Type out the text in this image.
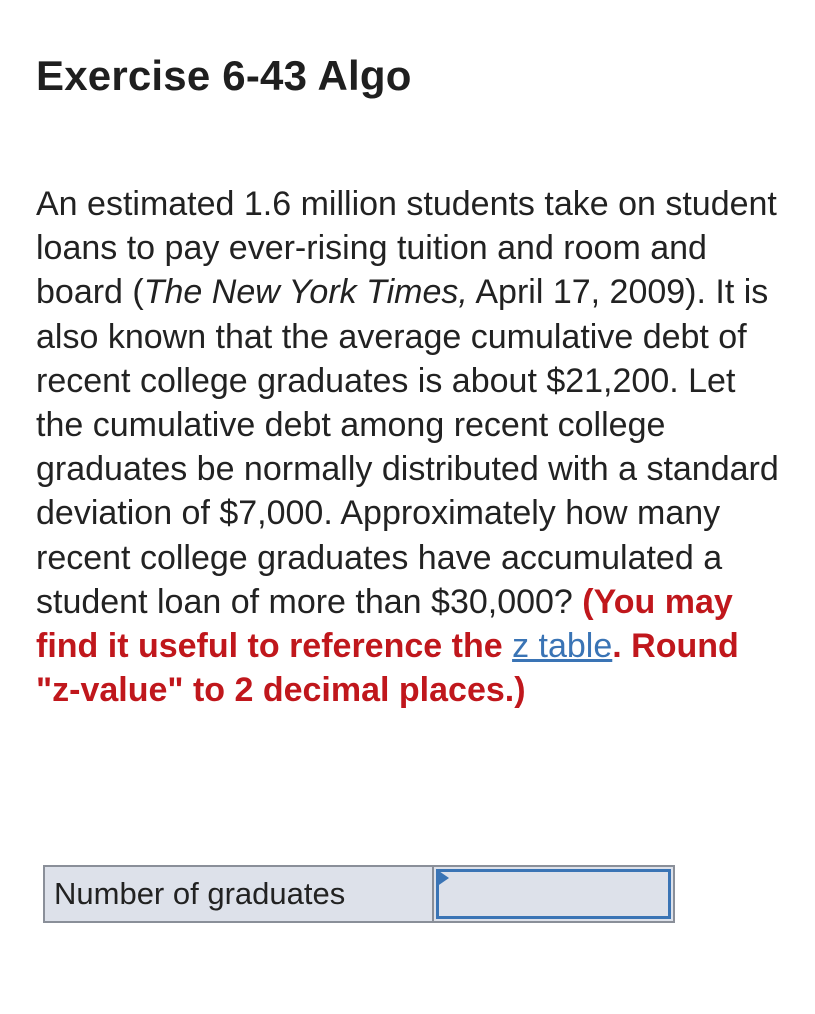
Exercise 6-43 Algo

An estimated 1.6 million students take on student loans to pay ever-rising tuition and room and board (The New York Times, April 17, 2009). It is also known that the average cumulative debt of recent college graduates is about $21,200. Let the cumulative debt among recent college graduates be normally distributed with a standard deviation of $7,000. Approximately how many recent college graduates have accumulated a student loan of more than $30,000? (You may find it useful to reference the z table. Round "z-value" to 2 decimal places.)

Number of graduates
